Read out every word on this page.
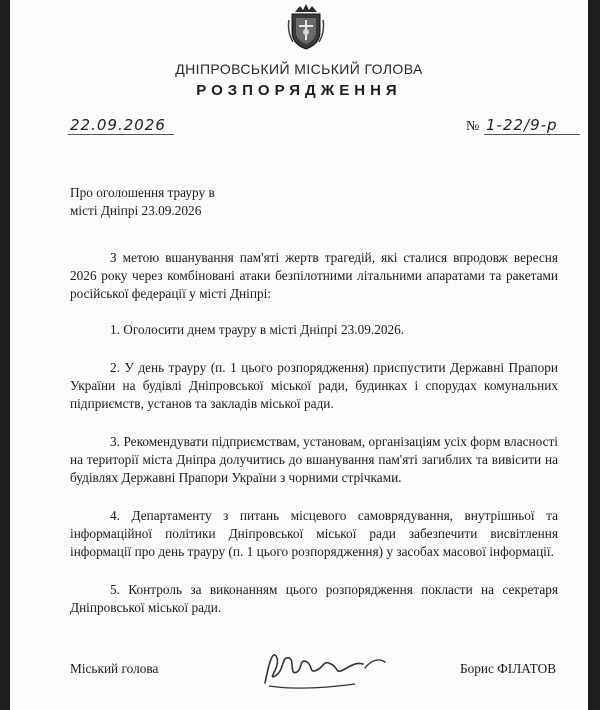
ДНІПРОВСЬКИЙ МІСЬКИЙ ГОЛОВА
РОЗПОРЯДЖЕННЯ
22.09.2026	№ 1-22/9-р
Про оголошення трауру в
місті Дніпрі 23.09.2026

З метою вшанування пам'яті жертв трагедій, які сталися впродовж вересня 2026 року через комбіновані атаки безпілотними літальними апаратами та ракетами російської федерації у місті Дніпрі:

1. Оголосити днем трауру в місті Дніпрі 23.09.2026.

2. У день трауру (п. 1 цього розпорядження) приспустити Державні Прапори України на будівлі Дніпровської міської ради, будинках і спорудах комунальних підприємств, установ та закладів міської ради.

3. Рекомендувати підприємствам, установам, організаціям усіх форм власності на території міста Дніпра долучитись до вшанування пам'яті загиблих та вивісити на будівлях Державні Прапори України з чорними стрічками.

4. Департаменту з питань місцевого самоврядування, внутрішньої та інформаційної політики Дніпровської міської ради забезпечити висвітлення інформації про день трауру (п. 1 цього розпорядження) у засобах масової інформації.

5. Контроль за виконанням цього розпорядження покласти на секретаря Дніпровської міської ради.

Міський голова	Борис ФІЛАТОВ
